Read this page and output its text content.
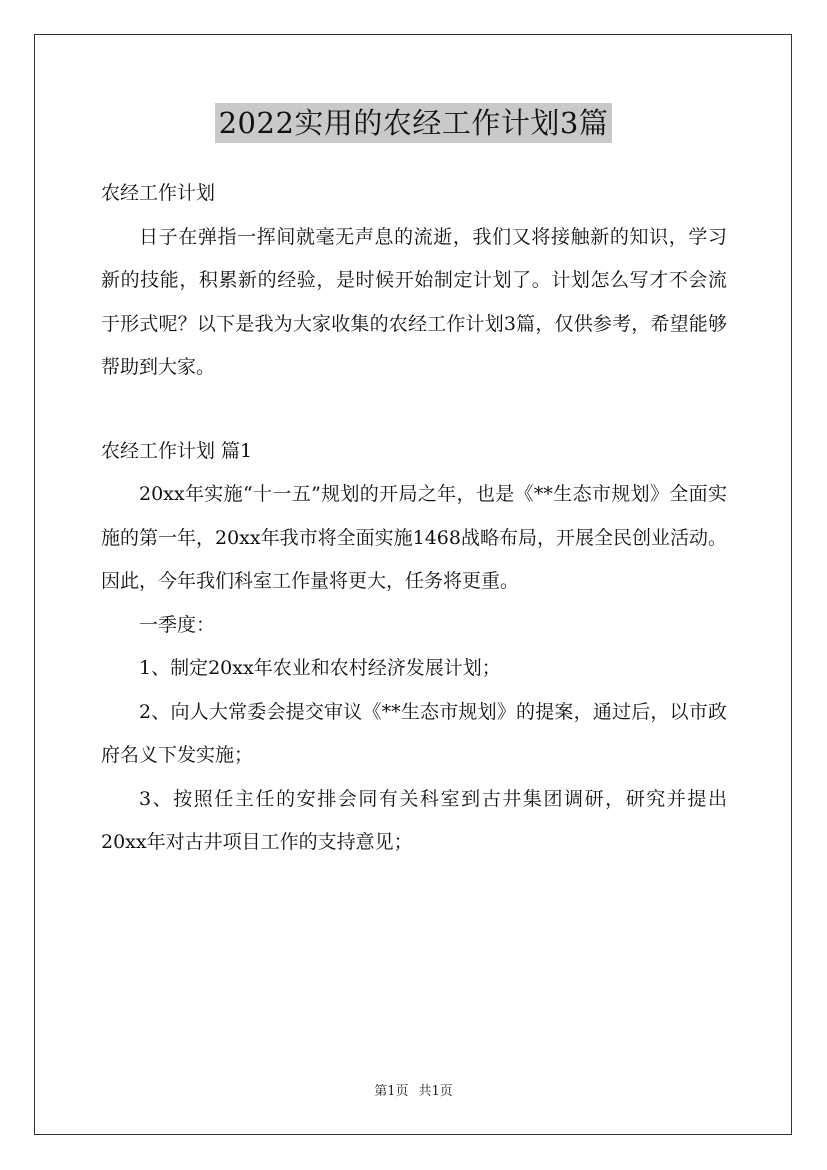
2022实用的农经工作计划3篇
农经工作计划

日子在弹指一挥间就毫无声息的流逝，我们又将接触新的知识，学习新的技能，积累新的经验，是时候开始制定计划了。计划怎么写才不会流于形式呢？以下是我为大家收集的农经工作计划3篇，仅供参考，希望能够帮助到大家。

农经工作计划 篇1

20xx年实施“十一五”规划的开局之年，也是《**生态市规划》全面实施的第一年，20xx年我市将全面实施1468战略布局，开展全民创业活动。因此，今年我们科室工作量将更大，任务将更重。

一季度：

1、制定20xx年农业和农村经济发展计划；

2、向人大常委会提交审议《**生态市规划》的提案，通过后，以市政府名义下发实施；

3、按照任主任的安排会同有关科室到古井集团调研，研究并提出20xx年对古井项目工作的支持意见；

第1页 共1页
